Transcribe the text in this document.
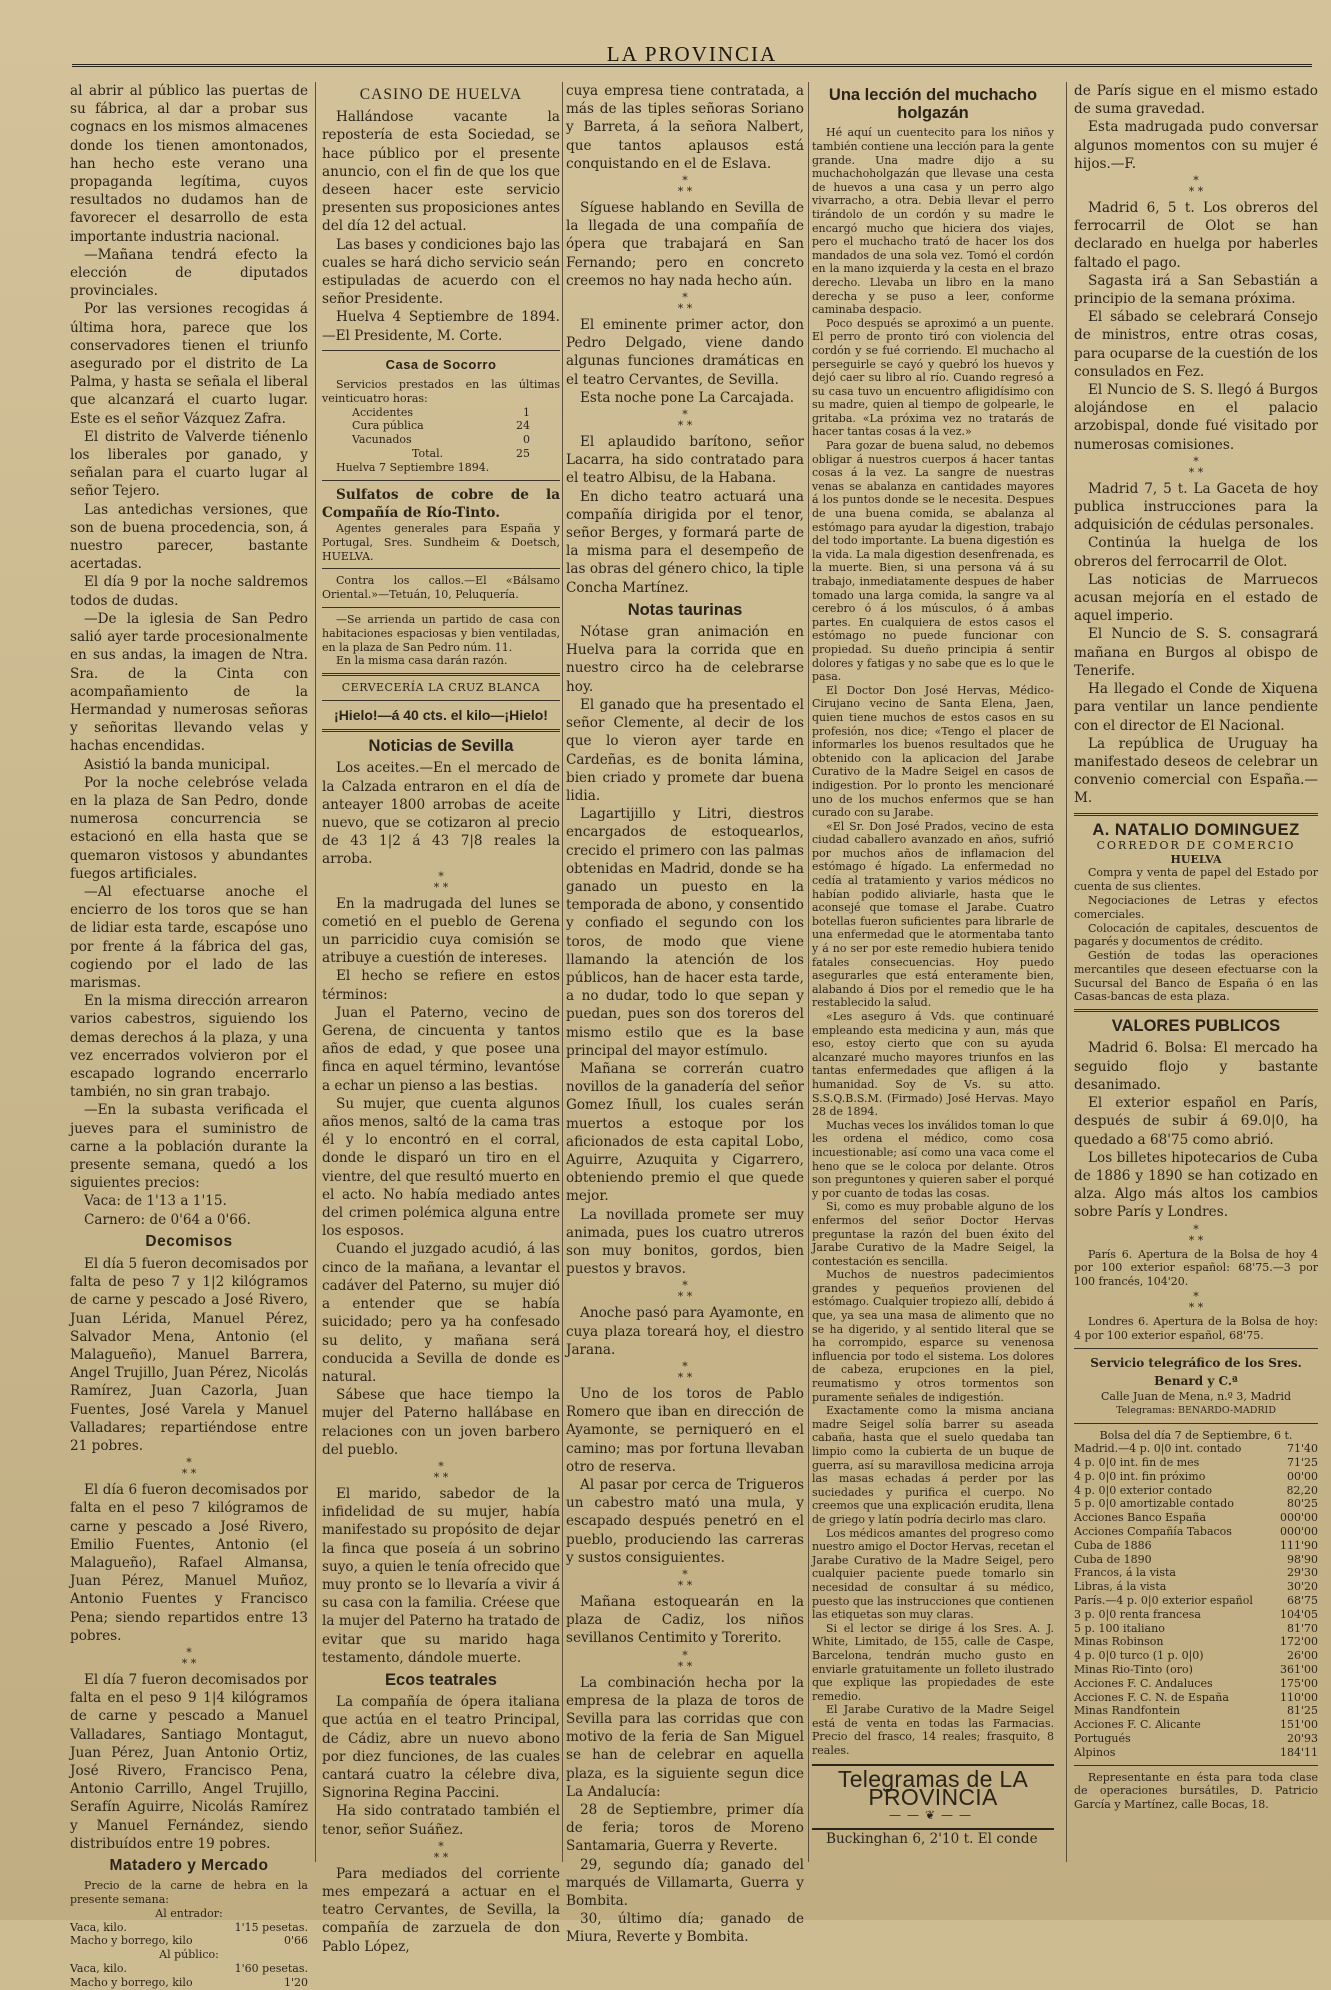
LA PROVINCIA

al abrir al público las puertas de su fábrica, al dar a probar sus cognacs en los mismos almacenes donde los tienen amontonados, han hecho este verano una propaganda legítima, cuyos resultados no dudamos han de favorecer el desarrollo de esta importante industria nacional.

—Mañana tendrá efecto la elección de diputados provinciales.

Por las versiones recogidas á última hora, parece que los conservadores tienen el triunfo asegurado por el distrito de La Palma, y hasta se señala el liberal que alcanzará el cuarto lugar. Este es el señor Vázquez Zafra.

El distrito de Valverde tiénenlo los liberales por ganado, y señalan para el cuarto lugar al señor Tejero.

Las antedichas versiones, que son de buena procedencia, son, á nuestro parecer, bastante acertadas.

El día 9 por la noche saldremos todos de dudas.

—De la iglesia de San Pedro salió ayer tarde procesionalmente en sus andas, la imagen de Ntra. Sra. de la Cinta con acompañamiento de la Hermandad y numerosas señoras y señoritas llevando velas y hachas encendidas.

Asistió la banda municipal.

Por la noche celebróse velada en la plaza de San Pedro, donde numerosa concurrencia se estacionó en ella hasta que se quemaron vistosos y abundantes fuegos artificiales.

—Al efectuarse anoche el encierro de los toros que se han de lidiar esta tarde, escapóse uno por frente á la fábrica del gas, cogiendo por el lado de las marismas.

En la misma dirección arrearon varios cabestros, siguiendo los demas derechos á la plaza, y una vez encerrados volvieron por el escapado logrando encerrarlo también, no sin gran trabajo.

—En la subasta verificada el jueves para el suministro de carne a la población durante la presente semana, quedó a los siguientes precios:

Vaca: de 1'13 a 1'15.

Carnero: de 0'64 a 0'66.

Decomisos

El día 5 fueron decomisados por falta de peso 7 y 1|2 kilógramos de carne y pescado a José Rivero, Juan Lérida, Manuel Pérez, Salvador Mena, Antonio (el Malagueño), Manuel Barrera, Angel Trujillo, Juan Pérez, Nicolás Ramírez, Juan Cazorla, Juan Fuentes, José Varela y Manuel Valladares; repartiéndose entre 21 pobres.

*
* *

El día 6 fueron decomisados por falta en el peso 7 kilógramos de carne y pescado a José Rivero, Emilio Fuentes, Antonio (el Malagueño), Rafael Almansa, Juan Pérez, Manuel Muñoz, Antonio Fuentes y Francisco Pena; siendo repartidos entre 13 pobres.

*
* *

El día 7 fueron decomisados por falta en el peso 9 1|4 kilógramos de carne y pescado a Manuel Valladares, Santiago Montagut, Juan Pérez, Juan Antonio Ortiz, José Rivero, Francisco Pena, Antonio Carrillo, Angel Trujillo, Serafín Aguirre, Nicolás Ramírez y Manuel Fernández, siendo distribuídos entre 19 pobres.

Matadero y Mercado

Precio de la carne de hebra en la presente semana:

Al entrador:
Vaca, kilo.	1'15 pesetas.
Macho y borrego, kilo	0'66
Al público:
Vaca, kilo.	1'60 pesetas.
Macho y borrego, kilo	1'20
CASINO DE HUELVA

Hallándose vacante la repostería de esta Sociedad, se hace público por el presente anuncio, con el fin de que los que deseen hacer este servicio presenten sus proposiciones antes del día 12 del actual.

Las bases y condiciones bajo las cuales se hará dicho servicio seán estipuladas de acuerdo con el señor Presidente.

Huelva 4 Septiembre de 1894.—El Presidente, M. Corte.

Casa de Socorro

Servicios prestados en las últimas veinticuatro horas:

Accidentes	1
Cura pública	24
Vacunados	0
Total.	25

Huelva 7 Septiembre 1894.

Sulfatos de cobre de la Compañía de Río-Tinto.

Agentes generales para España y Portugal, Sres. Sundheim & Doetsch, HUELVA.

Contra los callos.—El «Bálsamo Oriental.»—Tetuán, 10, Peluquería.

—Se arrienda un partido de casa con habitaciones espaciosas y bien ventiladas, en la plaza de San Pedro núm. 11.

En la misma casa darán razón.

CERVECERÍA LA CRUZ BLANCA
¡Hielo!—á 40 cts. el kilo—¡Hielo!
Noticias de Sevilla

Los aceites.—En el mercado de la Calzada entraron en el día de anteayer 1800 arrobas de aceite nuevo, que se cotizaron al precio de 43 1|2 á 43 7|8 reales la arroba.

*
* *

En la madrugada del lunes se cometió en el pueblo de Gerena un parricidio cuya comisión se atribuye a cuestión de intereses.

El hecho se refiere en estos términos:

Juan el Paterno, vecino de Gerena, de cincuenta y tantos años de edad, y que posee una finca en aquel término, levantóse a echar un pienso a las bestias.

Su mujer, que cuenta algunos años menos, saltó de la cama tras él y lo encontró en el corral, donde le disparó un tiro en el vientre, del que resultó muerto en el acto. No había mediado antes del crimen polémica alguna entre los esposos.

Cuando el juzgado acudió, á las cinco de la mañana, a levantar el cadáver del Paterno, su mujer dió a entender que se había suicidado; pero ya ha confesado su delito, y mañana será conducida a Sevilla de donde es natural.

Sábese que hace tiempo la mujer del Paterno hallábase en relaciones con un joven barbero del pueblo.

*
* *

El marido, sabedor de la infidelidad de su mujer, había manifestado su propósito de dejar la finca que poseía á un sobrino suyo, a quien le tenía ofrecido que muy pronto se lo llevaría a vivir á su casa con la familia. Créese que la mujer del Paterno ha tratado de evitar que su marido haga testamento, dándole muerte.

Ecos teatrales

La compañía de ópera italiana que actúa en el teatro Principal, de Cádiz, abre un nuevo abono por diez funciones, de las cuales cantará cuatro la célebre diva, Signorina Regina Paccini.

Ha sido contratado también el tenor, señor Suáñez.

*
* *

Para mediados del corriente mes empezará a actuar en el teatro Cervantes, de Sevilla, la compañía de zarzuela de don Pablo López,

cuya empresa tiene contratada, a más de las tiples señoras Soriano y Barreta, á la señora Nalbert, que tantos aplausos está conquistando en el de Eslava.

*
* *

Síguese hablando en Sevilla de la llegada de una compañía de ópera que trabajará en San Fernando; pero en concreto creemos no hay nada hecho aún.

*
* *

El eminente primer actor, don Pedro Delgado, viene dando algunas funciones dramáticas en el teatro Cervantes, de Sevilla.

Esta noche pone La Carcajada.

*
* *

El aplaudido barítono, señor Lacarra, ha sido contratado para el teatro Albisu, de la Habana.

En dicho teatro actuará una compañía dirigida por el tenor, señor Berges, y formará parte de la misma para el desempeño de las obras del género chico, la tiple Concha Martínez.

Notas taurinas

Nótase gran animación en Huelva para la corrida que en nuestro circo ha de celebrarse hoy.

El ganado que ha presentado el señor Clemente, al decir de los que lo vieron ayer tarde en Cardeñas, es de bonita lámina, bien criado y promete dar buena lidia.

Lagartijillo y Litri, diestros encargados de estoquearlos, crecido el primero con las palmas obtenidas en Madrid, donde se ha ganado un puesto en la temporada de abono, y consentido y confiado el segundo con los toros, de modo que viene llamando la atención de los públicos, han de hacer esta tarde, a no dudar, todo lo que sepan y puedan, pues son dos toreros del mismo estilo que es la base principal del mayor estímulo.

Mañana se correrán cuatro novillos de la ganadería del señor Gomez Iñull, los cuales serán muertos a estoque por los aficionados de esta capital Lobo, Aguirre, Azuquita y Cigarrero, obteniendo premio el que quede mejor.

La novillada promete ser muy animada, pues los cuatro utreros son muy bonitos, gordos, bien puestos y bravos.

*
* *

Anoche pasó para Ayamonte, en cuya plaza toreará hoy, el diestro Jarana.

*
* *

Uno de los toros de Pablo Romero que iban en dirección de Ayamonte, se perniqueró en el camino; mas por fortuna llevaban otro de reserva.

Al pasar por cerca de Trigueros un cabestro mató una mula, y escapado después penetró en el pueblo, produciendo las carreras y sustos consiguientes.

*
* *

Mañana estoquearán en la plaza de Cadiz, los niños sevillanos Centimito y Torerito.

*
* *

La combinación hecha por la empresa de la plaza de toros de Sevilla para las corridas que con motivo de la feria de San Miguel se han de celebrar en aquella plaza, es la siguiente segun dice La Andalucía:

28 de Septiembre, primer día de feria; toros de Moreno Santamaria, Guerra y Reverte.

29, segundo día; ganado del marqués de Villamarta, Guerra y Bombita.

30, último día; ganado de Miura, Reverte y Bombita.

Una lección del muchacho holgazán

Hé aquí un cuentecito para los niños y también contiene una lección para la gente grande. Una madre dijo a su muchachoholgazán que llevase una cesta de huevos a una casa y un perro algo vivarracho, a otra. Debia llevar el perro tirándolo de un cordón y su madre le encargó mucho que hiciera dos viajes, pero el muchacho trató de hacer los dos mandados de una sola vez. Tomó el cordón en la mano izquierda y la cesta en el brazo derecho. Llevaba un libro en la mano derecha y se puso a leer, conforme caminaba despacio.

Poco después se aproximó a un puente. El perro de pronto tiró con violencia del cordón y se fué corriendo. El muchacho al perseguirle se cayó y quebró los huevos y dejó caer su libro al río. Cuando regresó a su casa tuvo un encuentro afligidísimo con su madre, quien al tiempo de golpearle, le gritaba. «La próxima vez no tratarás de hacer tantas cosas á la vez.»

Para gozar de buena salud, no debemos obligar á nuestros cuerpos á hacer tantas cosas á la vez. La sangre de nuestras venas se abalanza en cantidades mayores á los puntos donde se le necesita. Despues de una buena comida, se abalanza al estómago para ayudar la digestion, trabajo del todo importante. La buena digestión es la vida. La mala digestion desenfrenada, es la muerte. Bien, si una persona vá á su trabajo, inmediatamente despues de haber tomado una larga comida, la sangre va al cerebro ó á los músculos, ó á ambas partes. En cualquiera de estos casos el estómago no puede funcionar con propiedad. Su dueño principia á sentir dolores y fatigas y no sabe que es lo que le pasa.

El Doctor Don José Hervas, Médico-Cirujano vecino de Santa Elena, Jaen, quien tiene muchos de estos casos en su profesión, nos dice; «Tengo el placer de informarles los buenos resultados que he obtenido con la aplicacion del Jarabe Curativo de la Madre Seigel en casos de indigestion. Por lo pronto les mencionaré uno de los muchos enfermos que se han curado con su Jarabe.

«El Sr. Don José Prados, vecino de esta ciudad caballero avanzado en años, sufrió por muchos años de inflamacion del estómago é hígado. La enfermedad no cedía al tratamiento y varios médicos no habían podido aliviarle, hasta que le aconsejé que tomase el Jarabe. Cuatro botellas fueron suficientes para librarle de una enfermedad que le atormentaba tanto y á no ser por este remedio hubiera tenido fatales consecuencias. Hoy puedo asegurarles que está enteramente bien, alabando á Dios por el remedio que le ha restablecido la salud.

«Les aseguro á Vds. que continuaré empleando esta medicina y aun, más que eso, estoy cierto que con su ayuda alcanzaré mucho mayores triunfos en las tantas enfermedades que afligen á la humanidad. Soy de Vs. su atto. S.S.Q.B.S.M. (Firmado) José Hervas. Mayo 28 de 1894.

Muchas veces los inválidos toman lo que les ordena el médico, como cosa incuestionable; así como una vaca come el heno que se le coloca por delante. Otros son preguntones y quieren saber el porqué y por cuanto de todas las cosas.

Si, como es muy probable alguno de los enfermos del señor Doctor Hervas preguntase la razón del buen éxito del Jarabe Curativo de la Madre Seigel, la contestación es sencilla.

Muchos de nuestros padecimientos grandes y pequeños provienen del estómago. Cualquier tropiezo allí, debido á que, ya sea una masa de alimento que no se ha digerido, y al sentido literal que se ha corrompido, esparce su venenosa influencia por todo el sistema. Los dolores de cabeza, erupciones en la piel, reumatismo y otros tormentos son puramente señales de indigestión.

Exactamente como la misma anciana madre Seigel solía barrer su aseada cabaña, hasta que el suelo quedaba tan limpio como la cubierta de un buque de guerra, así su maravillosa medicina arroja las masas echadas á perder por las suciedades y purifica el cuerpo. No creemos que una explicación erudita, llena de griego y latín podría decirlo mas claro.

Los médicos amantes del progreso como nuestro amigo el Doctor Hervas, recetan el Jarabe Curativo de la Madre Seigel, pero cualquier paciente puede tomarlo sin necesidad de consultar á su médico, puesto que las instrucciones que contienen las etiquetas son muy claras.

Si el lector se dirige á los Sres. A. J. White, Limitado, de 155, calle de Caspe, Barcelona, tendrán mucho gusto en enviarle gratuitamente un folleto ilustrado que explique las propiedades de este remedio.

El Jarabe Curativo de la Madre Seigel está de venta en todas las Farmacias. Precio del frasco, 14 reales; frasquito, 8 reales.

Telegramas de LA PROVINCIA
——❦——

Buckinghan 6, 2'10 t. El conde

de París sigue en el mismo estado de suma gravedad.

Esta madrugada pudo conversar algunos momentos con su mujer é hijos.—F.

*
* *

Madrid 6, 5 t. Los obreros del ferrocarril de Olot se han declarado en huelga por haberles faltado el pago.

Sagasta irá a San Sebastián a principio de la semana próxima.

El sábado se celebrará Consejo de ministros, entre otras cosas, para ocuparse de la cuestión de los consulados en Fez.

El Nuncio de S. S. llegó á Burgos alojándose en el palacio arzobispal, donde fué visitado por numerosas comisiones.

*
* *

Madrid 7, 5 t. La Gaceta de hoy publica instrucciones para la adquisición de cédulas personales.

Continúa la huelga de los obreros del ferrocarril de Olot.

Las noticias de Marruecos acusan mejoría en el estado de aquel imperio.

El Nuncio de S. S. consagrará mañana en Burgos al obispo de Tenerife.

Ha llegado el Conde de Xiquena para ventilar un lance pendiente con el director de El Nacional.

La república de Uruguay ha manifestado deseos de celebrar un convenio comercial con España.—M.

A. NATALIO DOMINGUEZ
CORREDOR DE COMERCIO
HUELVA

Compra y venta de papel del Estado por cuenta de sus clientes.

Negociaciones de Letras y efectos comerciales.

Colocación de capitales, descuentos de pagarés y documentos de crédito.

Gestión de todas las operaciones mercantiles que deseen efectuarse con la Sucursal del Banco de España ó en las Casas-bancas de esta plaza.

VALORES PUBLICOS

Madrid 6. Bolsa: El mercado ha seguido flojo y bastante desanimado.

El exterior español en París, después de subir á 69.0|0, ha quedado a 68'75 como abrió.

Los billetes hipotecarios de Cuba de 1886 y 1890 se han cotizado en alza. Algo más altos los cambios sobre París y Londres.

*
* *

París 6. Apertura de la Bolsa de hoy 4 por 100 exterior español: 68'75.—3 por 100 francés, 104'20.

*
* *

Londres 6. Apertura de la Bolsa de hoy: 4 por 100 exterior español, 68'75.

Servicio telegráfico de los Sres. Benard y C.ª
Calle Juan de Mena, n.º 3, Madrid
Telegramas: BENARDO-MADRID
Bolsa del día 7 de Septiembre, 6 t.
Madrid.—4 p. 0|0 int. contado	71'40
4 p. 0|0 int. fin de mes	71'25
4 p. 0|0 int. fin próximo	00'00
4 p. 0|0 exterior contado	82,20
5 p. 0|0 amortizable contado	80'25
Acciones Banco España	000'00
Acciones Compañía Tabacos	000'00
Cuba de 1886	111'90
Cuba de 1890	98'90
Francos, á la vista	29'30
Libras, á la vista	30'20
París.—4 p. 0|0 exterior español	68'75
3 p. 0|0 renta francesa	104'05
5 p. 100 italiano	81'70
Minas Robinson	172'00
4 p. 0|0 turco (1 p. 0|0)	26'00
Minas Rio-Tinto (oro)	361'00
Acciones F. C. Andaluces	175'00
Acciones F. C. N. de España	110'00
Minas Randfontein	81'25
Acciones F. C. Alicante	151'00
Portugués	20'93
Alpinos	184'11

Representante en ésta para toda clase de operaciones bursátiles, D. Patricio García y Martínez, calle Bocas, 18.
